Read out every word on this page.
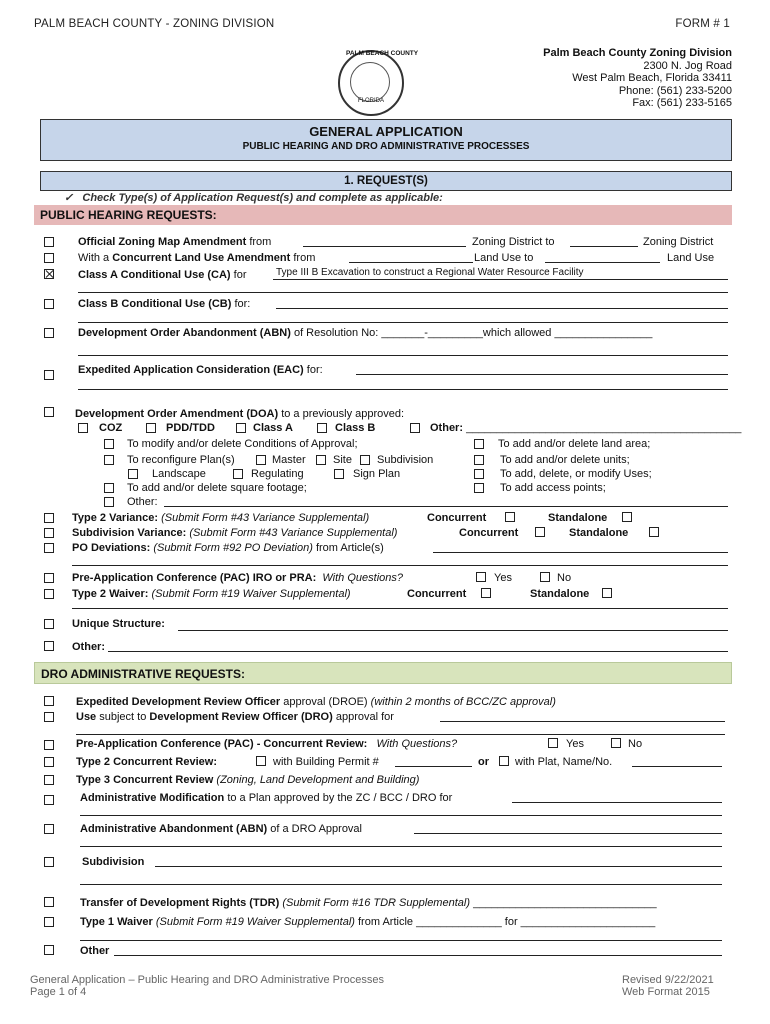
PALM BEACH COUNTY - ZONING DIVISION	FORM # 1
PALM BEACH COUNTY
FLORIDA
Palm Beach County Zoning Division
2300 N. Jog Road
West Palm Beach, Florida 33411
Phone: (561) 233-5200
Fax: (561) 233-5165
GENERAL APPLICATION
PUBLIC HEARING AND DRO ADMINISTRATIVE PROCESSES
1. REQUEST(S)
✓   Check Type(s) of Application Request(s) and complete as applicable:
PUBLIC HEARING REQUESTS:
Official Zoning Map Amendment from	Zoning District to	Zoning District
With a Concurrent Land Use Amendment from	Land Use to	Land Use
Class A Conditional Use (CA) for	Type III B Excavation to construct a Regional Water Resource Facility
Class B Conditional Use (CB) for:
Development Order Abandonment (ABN) of Resolution No: _______-_________which allowed ________________
Expedited Application Consideration (EAC) for:
Development Order Amendment (DOA) to a previously approved:
COZ	PDD/TDD	Class A	Class B	Other: _____________________________________________
To modify and/or delete Conditions of Approval;	To add and/or delete land area;
To reconfigure Plan(s)	Master Site Subdivision	To add and/or delete units;
Landscape	Regulating	Sign Plan	To add, delete, or modify Uses;
To add and/or delete square footage;	To add access points;
Other:
Type 2 Variance: (Submit Form #43 Variance Supplemental)	Concurrent	Standalone
Subdivision Variance: (Submit Form #43 Variance Supplemental)	Concurrent	Standalone
PO Deviations: (Submit Form #92 PO Deviation) from Article(s)
Pre-Application Conference (PAC) IRO or PRA: With Questions?	Yes	No
Type 2 Waiver: (Submit Form #19 Waiver Supplemental)	Concurrent	Standalone
Unique Structure:
Other:
DRO ADMINISTRATIVE REQUESTS:
Expedited Development Review Officer approval (DROE) (within 2 months of BCC/ZC approval)
Use subject to Development Review Officer (DRO) approval for
Pre-Application Conference (PAC) - Concurrent Review: With Questions?	Yes	No
Type 2 Concurrent Review:	with Building Permit #	or with Plat, Name/No.
Type 3 Concurrent Review (Zoning, Land Development and Building)
Administrative Modification to a Plan approved by the ZC / BCC / DRO for
Administrative Abandonment (ABN) of a DRO Approval
Subdivision
Transfer of Development Rights (TDR) (Submit Form #16 TDR Supplemental) ______________________________
Type 1 Waiver (Submit Form #19 Waiver Supplemental) from Article ______________ for ______________________
Other
General Application – Public Hearing and DRO Administrative Processes
Page 1 of 4
Revised 9/22/2021
Web Format 2015
